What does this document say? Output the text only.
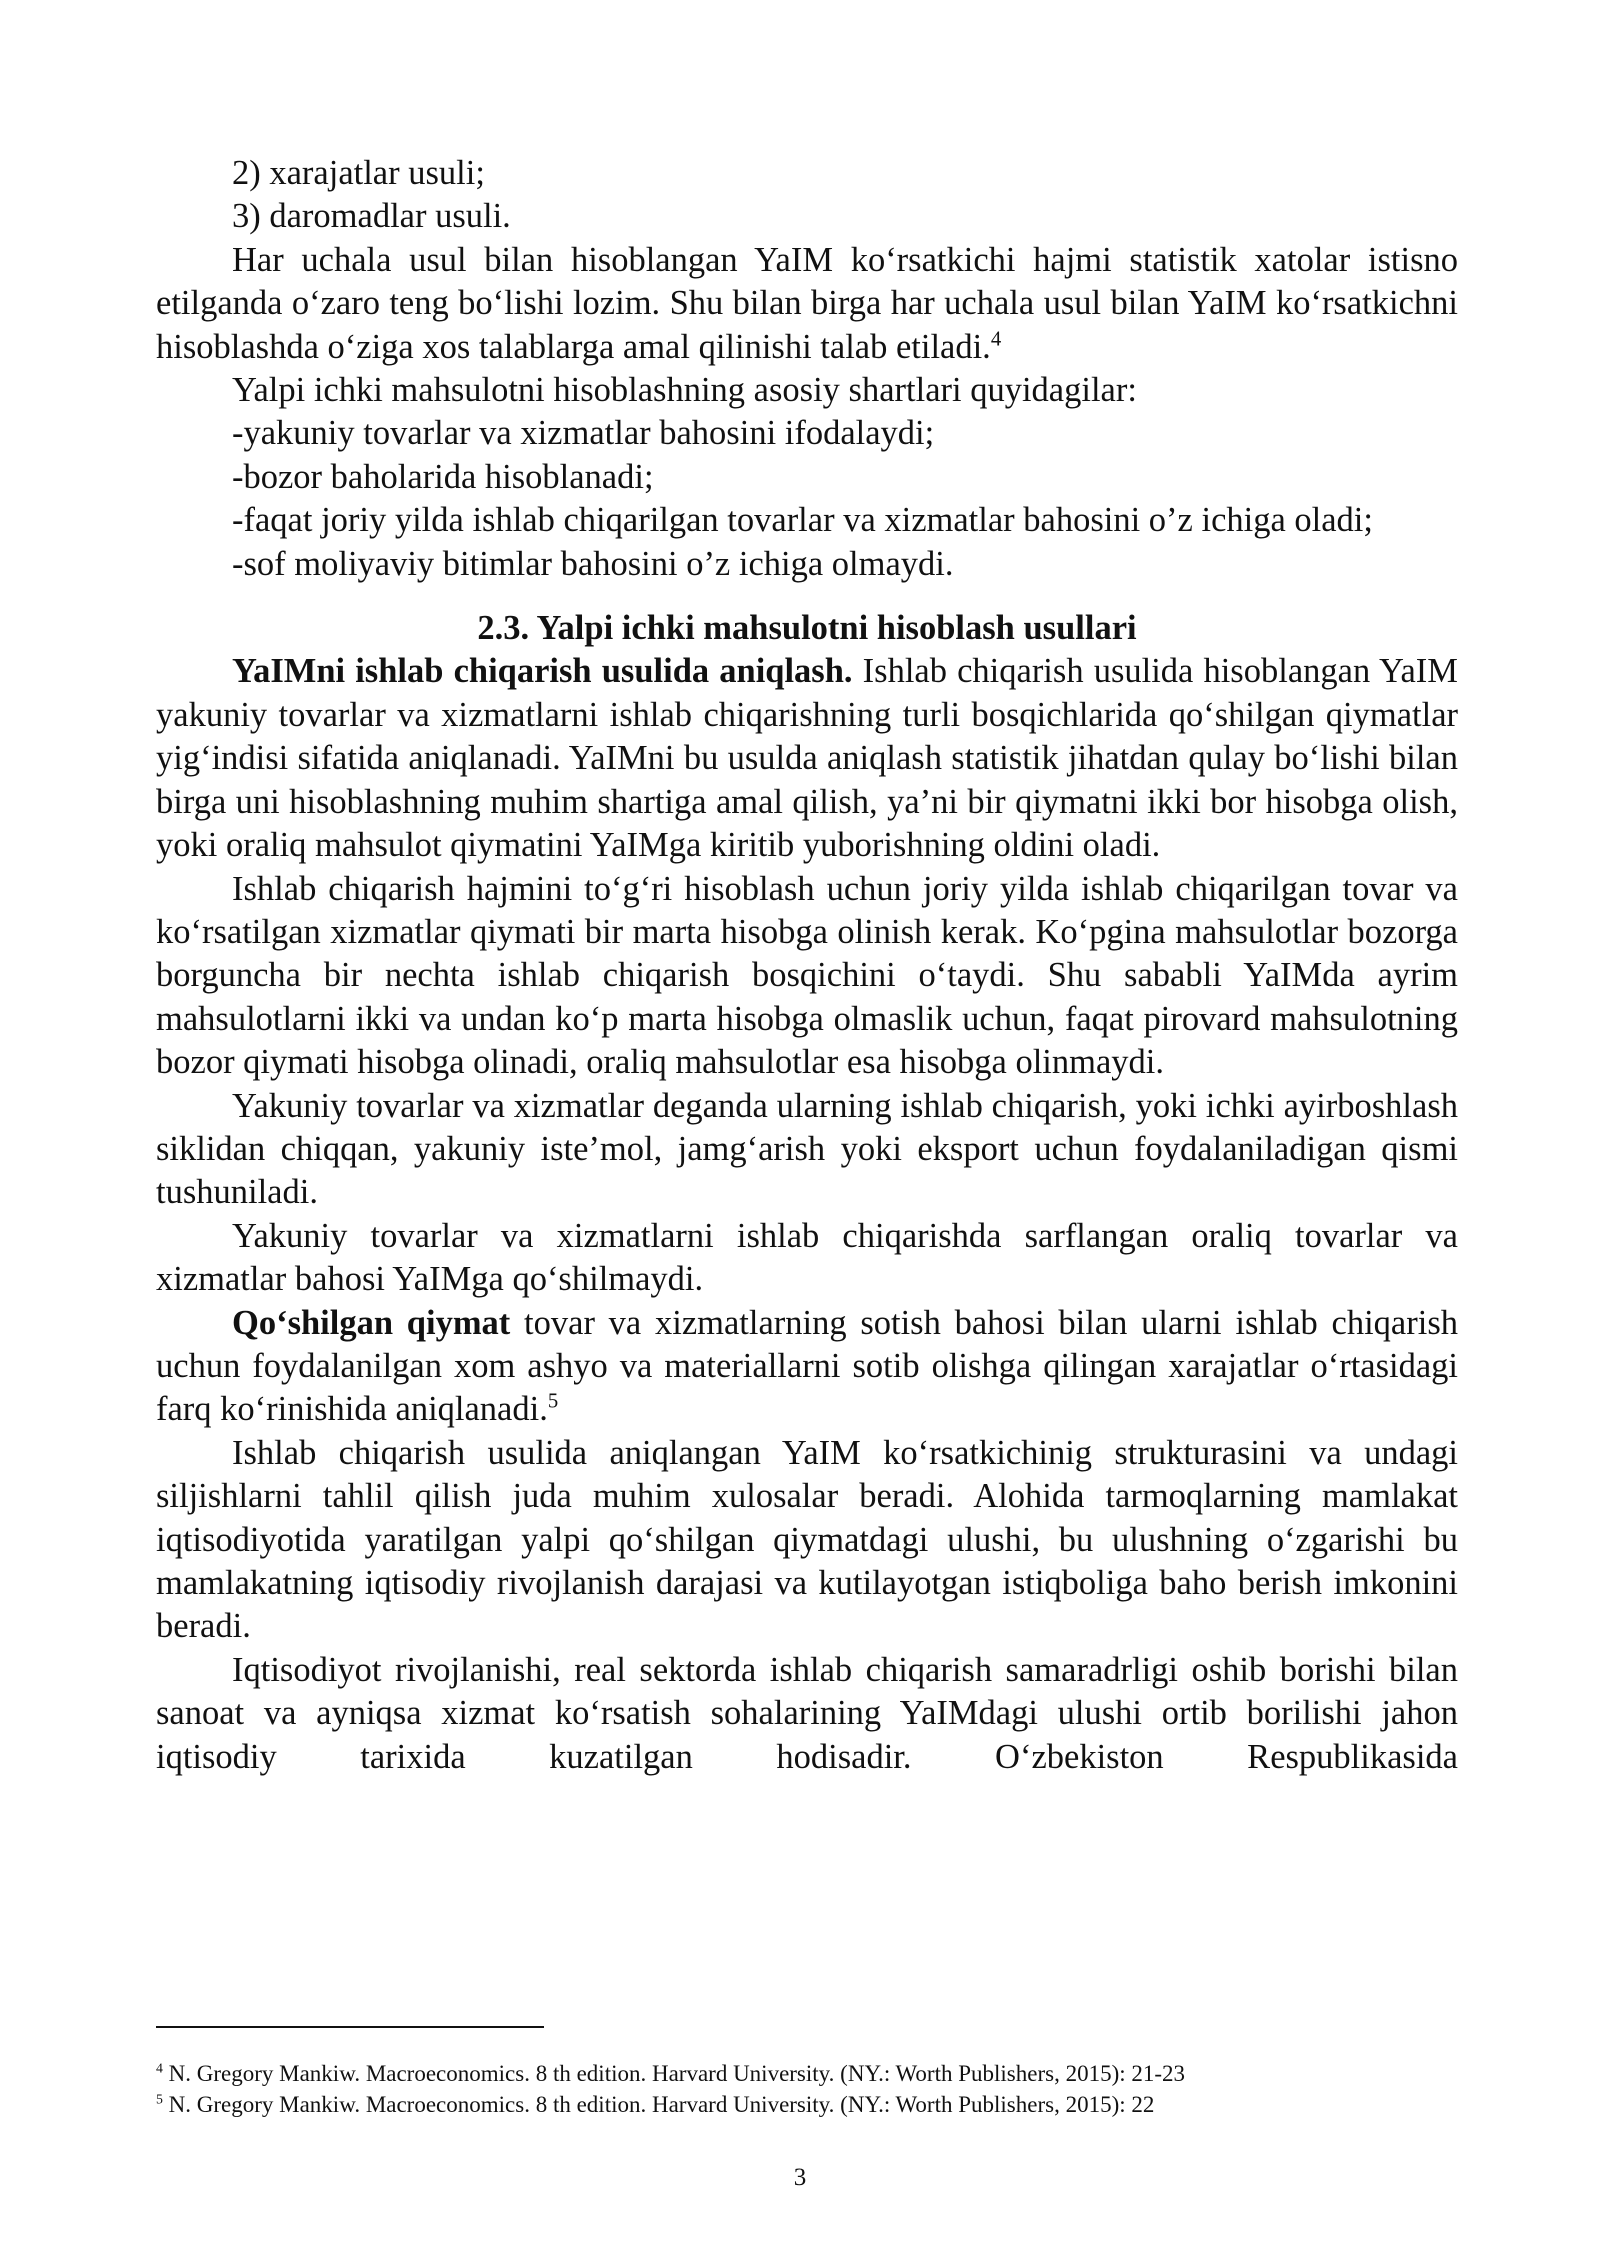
2) xarajatlar usuli;

3) daromadlar usuli.

Har uchala usul bilan hisoblangan YaIM ko‘rsatkichi hajmi statistik xatolar istisno etilganda o‘zaro teng bo‘lishi lozim. Shu bilan birga har uchala usul bilan YaIM ko‘rsatkichni hisoblashda o‘ziga xos talablarga amal qilinishi talab etiladi.$^4$

Yalpi ichki mahsulotni hisoblashning asosiy shartlari quyidagilar:

-yakuniy tovarlar va xizmatlar bahosini ifodalaydi;

-bozor baholarida hisoblanadi;

-faqat joriy yilda ishlab chiqarilgan tovarlar va xizmatlar bahosini o’z ichiga oladi;

-sof moliyaviy bitimlar bahosini o’z ichiga olmaydi.

2.3. Yalpi ichki mahsulotni hisoblash usullari

YaIMni ishlab chiqarish usulida aniqlash. Ishlab chiqarish usulida hisoblangan YaIM yakuniy tovarlar va xizmatlarni ishlab chiqarishning turli bosqichlarida qo‘shilgan qiymatlar yig‘indisi sifatida aniqlanadi. YaIMni bu usulda aniqlash statistik jihatdan qulay bo‘lishi bilan birga uni hisoblashning muhim shartiga amal qilish, ya’ni bir qiymatni ikki bor hisobga olish, yoki oraliq mahsulot qiymatini YaIMga kiritib yuborishning oldini oladi.

Ishlab chiqarish hajmini to‘g‘ri hisoblash uchun joriy yilda ishlab chiqarilgan tovar va ko‘rsatilgan xizmatlar qiymati bir marta hisobga olinish kerak. Ko‘pgina mahsulotlar bozorga borguncha bir nechta ishlab chiqarish bosqichini o‘taydi. Shu sababli YaIMda ayrim mahsulotlarni ikki va undan ko‘p marta hisobga olmaslik uchun, faqat pirovard mahsulotning bozor qiymati hisobga olinadi, oraliq mahsulotlar esa hisobga olinmaydi.

Yakuniy tovarlar va xizmatlar deganda ularning ishlab chiqarish, yoki ichki ayirboshlash siklidan chiqqan, yakuniy iste’mol, jamg‘arish yoki eksport uchun foydalaniladigan qismi tushuniladi.

Yakuniy tovarlar va xizmatlarni ishlab chiqarishda sarflangan oraliq tovarlar va xizmatlar bahosi YaIMga qo‘shilmaydi.

Qo‘shilgan qiymat tovar va xizmatlarning sotish bahosi bilan ularni ishlab chiqarish uchun foydalanilgan xom ashyo va materiallarni sotib olishga qilingan xarajatlar o‘rtasidagi farq ko‘rinishida aniqlanadi.$^5$

Ishlab chiqarish usulida aniqlangan YaIM ko‘rsatkichinig strukturasini va undagi siljishlarni tahlil qilish juda muhim xulosalar beradi. Alohida tarmoqlarning mamlakat iqtisodiyotida yaratilgan yalpi qo‘shilgan qiymatdagi ulushi, bu ulushning o‘zgarishi bu mamlakatning iqtisodiy rivojlanish darajasi va kutilayotgan istiqboliga baho berish imkonini beradi.

Iqtisodiyot rivojlanishi, real sektorda ishlab chiqarish samaradrligi oshib borishi bilan sanoat va ayniqsa xizmat ko‘rsatish sohalarining YaIMdagi ulushi ortib borilishi jahon iqtisodiy tarixida kuzatilgan hodisadir. O‘zbekiston Respublikasida

$^4$ N. Gregory Mankiw. Macroeconomics. 8 th edition. Harvard University. (NY.: Worth Publishers, 2015): 21-23

$^5$ N. Gregory Mankiw. Macroeconomics. 8 th edition. Harvard University. (NY.: Worth Publishers, 2015): 22

3
